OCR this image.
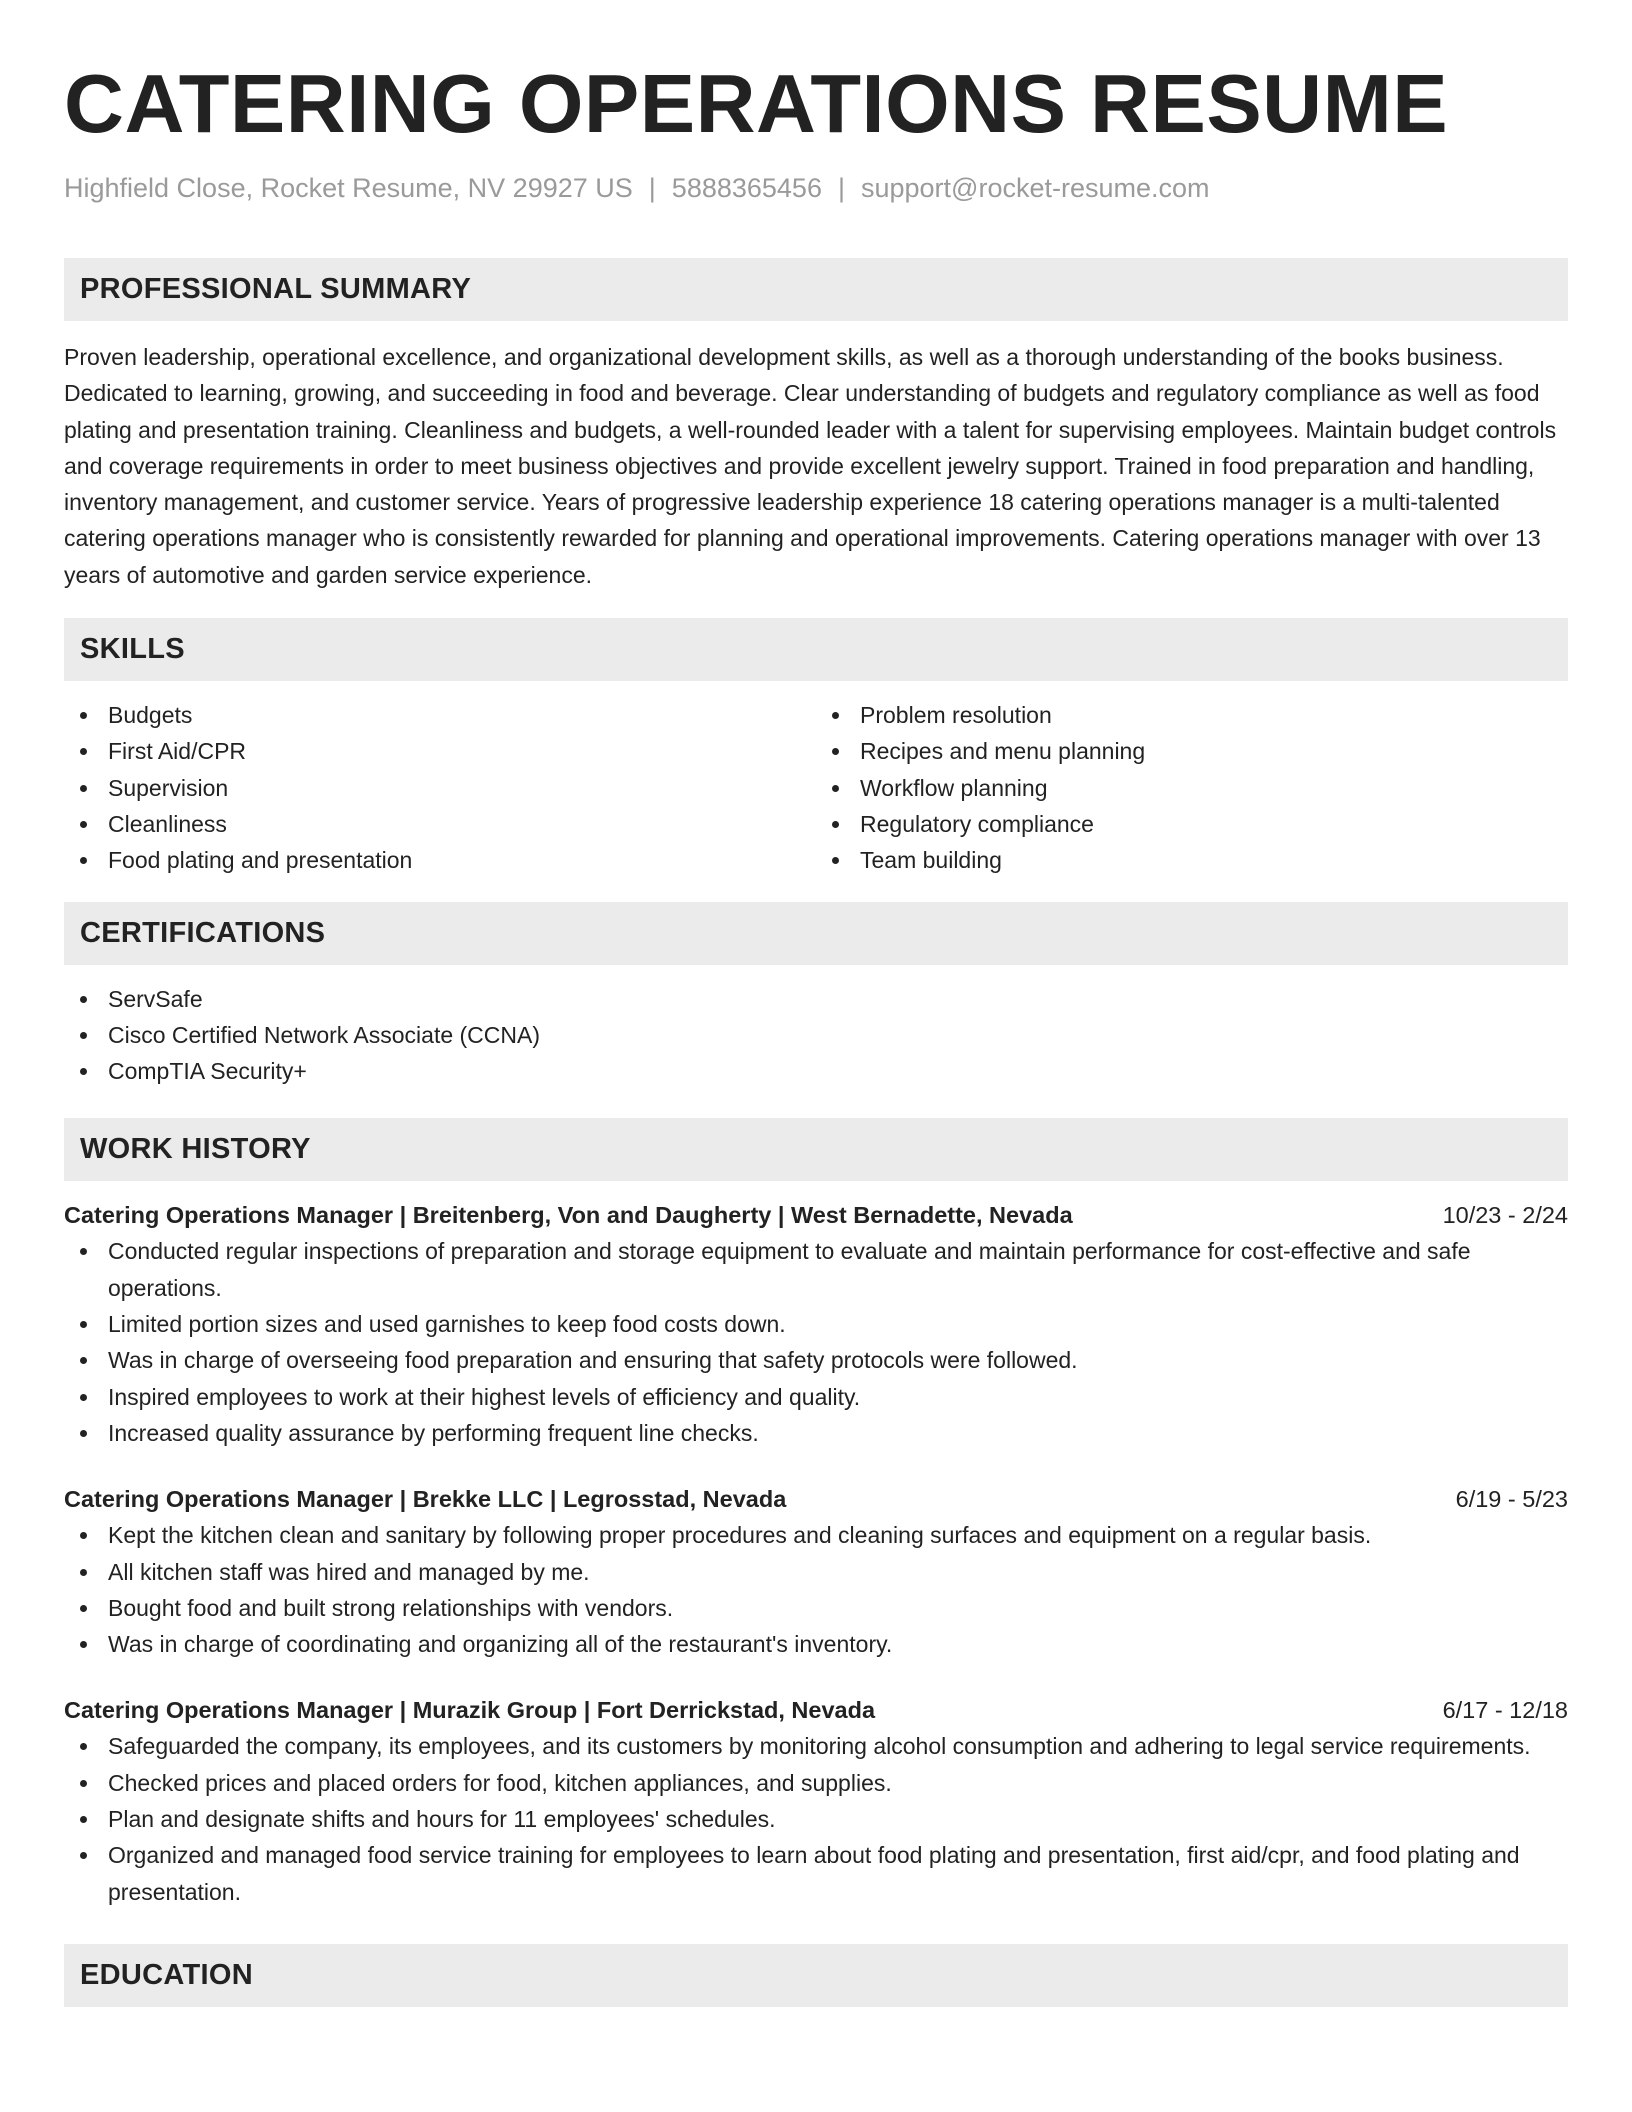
CATERING OPERATIONS RESUME
Highfield Close, Rocket Resume, NV 29927 US | 5888365456 | support@rocket-resume.com
PROFESSIONAL SUMMARY

Proven leadership, operational excellence, and organizational development skills, as well as a thorough understanding of the books business. Dedicated to learning, growing, and succeeding in food and beverage. Clear understanding of budgets and regulatory compliance as well as food plating and presentation training. Cleanliness and budgets, a well-rounded leader with a talent for supervising employees. Maintain budget controls and coverage requirements in order to meet business objectives and provide excellent jewelry support. Trained in food preparation and handling, inventory management, and customer service. Years of progressive leadership experience 18 catering operations manager is a multi-talented catering operations manager who is consistently rewarded for planning and operational improvements. Catering operations manager with over 13 years of automotive and garden service experience.

SKILLS
Budgets
First Aid/CPR
Supervision
Cleanliness
Food plating and presentation
Problem resolution
Recipes and menu planning
Workflow planning
Regulatory compliance
Team building
CERTIFICATIONS
ServSafe
Cisco Certified Network Associate (CCNA)
CompTIA Security+
WORK HISTORY
Catering Operations Manager | Breitenberg, Von and Daugherty | West Bernadette, Nevada	10/23 - 2/24
Conducted regular inspections of preparation and storage equipment to evaluate and maintain performance for cost-effective and safe operations.
Limited portion sizes and used garnishes to keep food costs down.
Was in charge of overseeing food preparation and ensuring that safety protocols were followed.
Inspired employees to work at their highest levels of efficiency and quality.
Increased quality assurance by performing frequent line checks.
Catering Operations Manager | Brekke LLC | Legrosstad, Nevada	6/19 - 5/23
Kept the kitchen clean and sanitary by following proper procedures and cleaning surfaces and equipment on a regular basis.
All kitchen staff was hired and managed by me.
Bought food and built strong relationships with vendors.
Was in charge of coordinating and organizing all of the restaurant's inventory.
Catering Operations Manager | Murazik Group | Fort Derrickstad, Nevada	6/17 - 12/18
Safeguarded the company, its employees, and its customers by monitoring alcohol consumption and adhering to legal service requirements.
Checked prices and placed orders for food, kitchen appliances, and supplies.
Plan and designate shifts and hours for 11 employees' schedules.
Organized and managed food service training for employees to learn about food plating and presentation, first aid/cpr, and food plating and presentation.
EDUCATION
